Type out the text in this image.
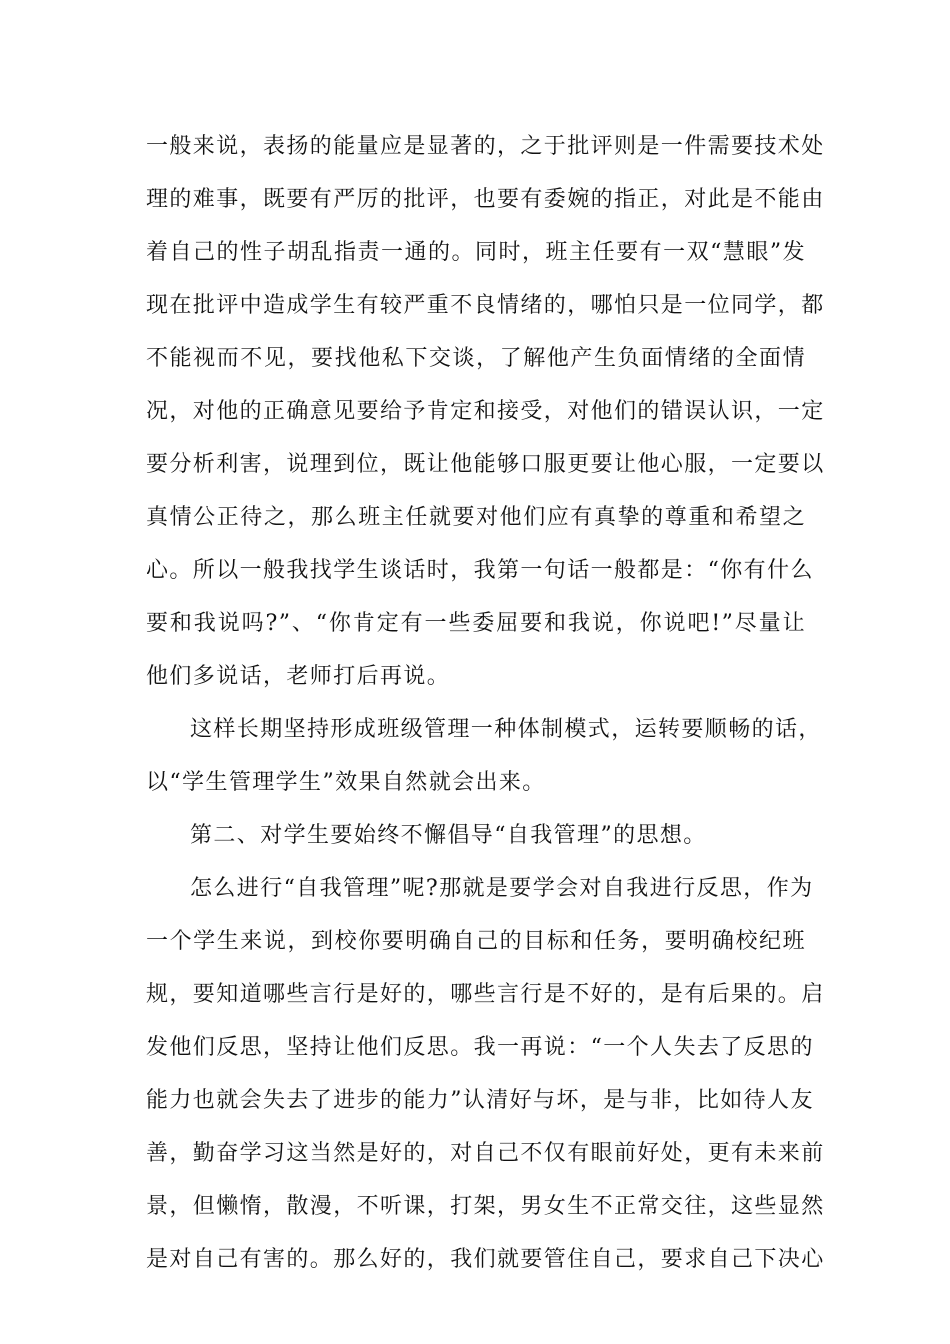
一般来说，表扬的能量应是显著的，之于批评则是一件需要技术处
理的难事，既要有严厉的批评，也要有委婉的指正，对此是不能由
着自己的性子胡乱指责一通的。同时，班主任要有一双“慧眼”发
现在批评中造成学生有较严重不良情绪的，哪怕只是一位同学，都
不能视而不见，要找他私下交谈，了解他产生负面情绪的全面情
况，对他的正确意见要给予肯定和接受，对他们的错误认识，一定
要分析利害，说理到位，既让他能够口服更要让他心服，一定要以
真情公正待之，那么班主任就要对他们应有真挚的尊重和希望之
心。所以一般我找学生谈话时，我第一句话一般都是：“你有什么
要和我说吗?”、“你肯定有一些委屈要和我说，你说吧!”尽量让
他们多说话，老师打后再说。
这样长期坚持形成班级管理一种体制模式，运转要顺畅的话，
以“学生管理学生”效果自然就会出来。
第二、对学生要始终不懈倡导“自我管理”的思想。
怎么进行“自我管理”呢?那就是要学会对自我进行反思，作为
一个学生来说，到校你要明确自己的目标和任务，要明确校纪班
规，要知道哪些言行是好的，哪些言行是不好的，是有后果的。启
发他们反思，坚持让他们反思。我一再说：“一个人失去了反思的
能力也就会失去了进步的能力”认清好与坏，是与非，比如待人友
善，勤奋学习这当然是好的，对自己不仅有眼前好处，更有未来前
景，但懒惰，散漫，不听课，打架，男女生不正常交往，这些显然
是对自己有害的。那么好的，我们就要管住自己，要求自己下决心
